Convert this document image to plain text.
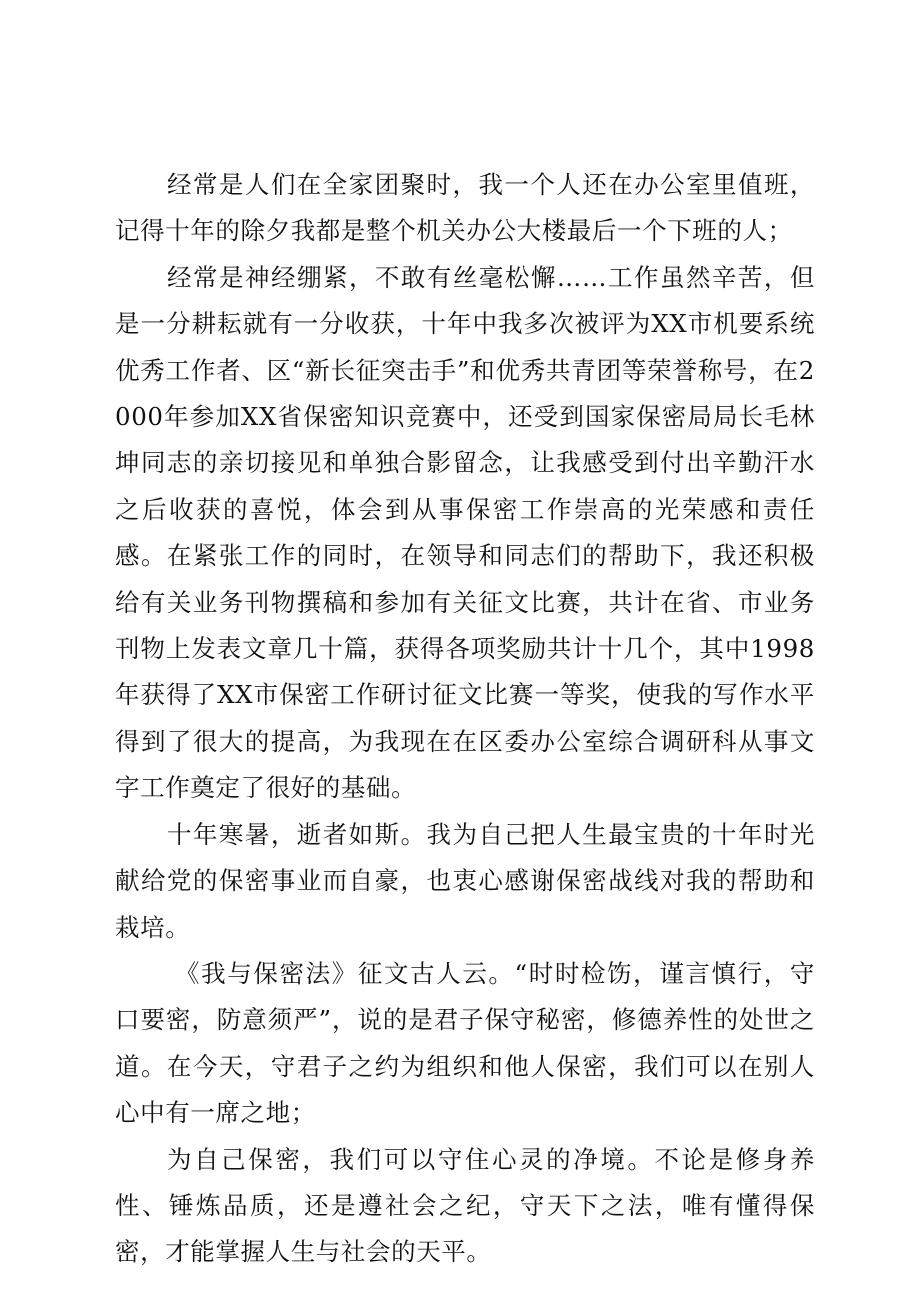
经常是人们在全家团聚时，我一个人还在办公室里值班，记得十年的除夕我都是整个机关办公大楼最后一个下班的人；

经常是神经绷紧，不敢有丝毫松懈……工作虽然辛苦，但是一分耕耘就有一分收获，十年中我多次被评为XX市机要系统优秀工作者、区“新长征突击手”和优秀共青团等荣誉称号，在2000年参加XX省保密知识竞赛中，还受到国家保密局局长毛林坤同志的亲切接见和单独合影留念，让我感受到付出辛勤汗水之后收获的喜悦，体会到从事保密工作崇高的光荣感和责任感。在紧张工作的同时，在领导和同志们的帮助下，我还积极给有关业务刊物撰稿和参加有关征文比赛，共计在省、市业务刊物上发表文章几十篇，获得各项奖励共计十几个，其中1998年获得了XX市保密工作研讨征文比赛一等奖，使我的写作水平得到了很大的提高，为我现在在区委办公室综合调研科从事文字工作奠定了很好的基础。

十年寒暑，逝者如斯。我为自己把人生最宝贵的十年时光献给党的保密事业而自豪，也衷心感谢保密战线对我的帮助和栽培。

《我与保密法》征文古人云。“时时检饬，谨言慎行，守口要密，防意须严”，说的是君子保守秘密，修德养性的处世之道。在今天，守君子之约为组织和他人保密，我们可以在别人心中有一席之地；

为自己保密，我们可以守住心灵的净境。不论是修身养性、锤炼品质，还是遵社会之纪，守天下之法，唯有懂得保密，才能掌握人生与社会的天平。
